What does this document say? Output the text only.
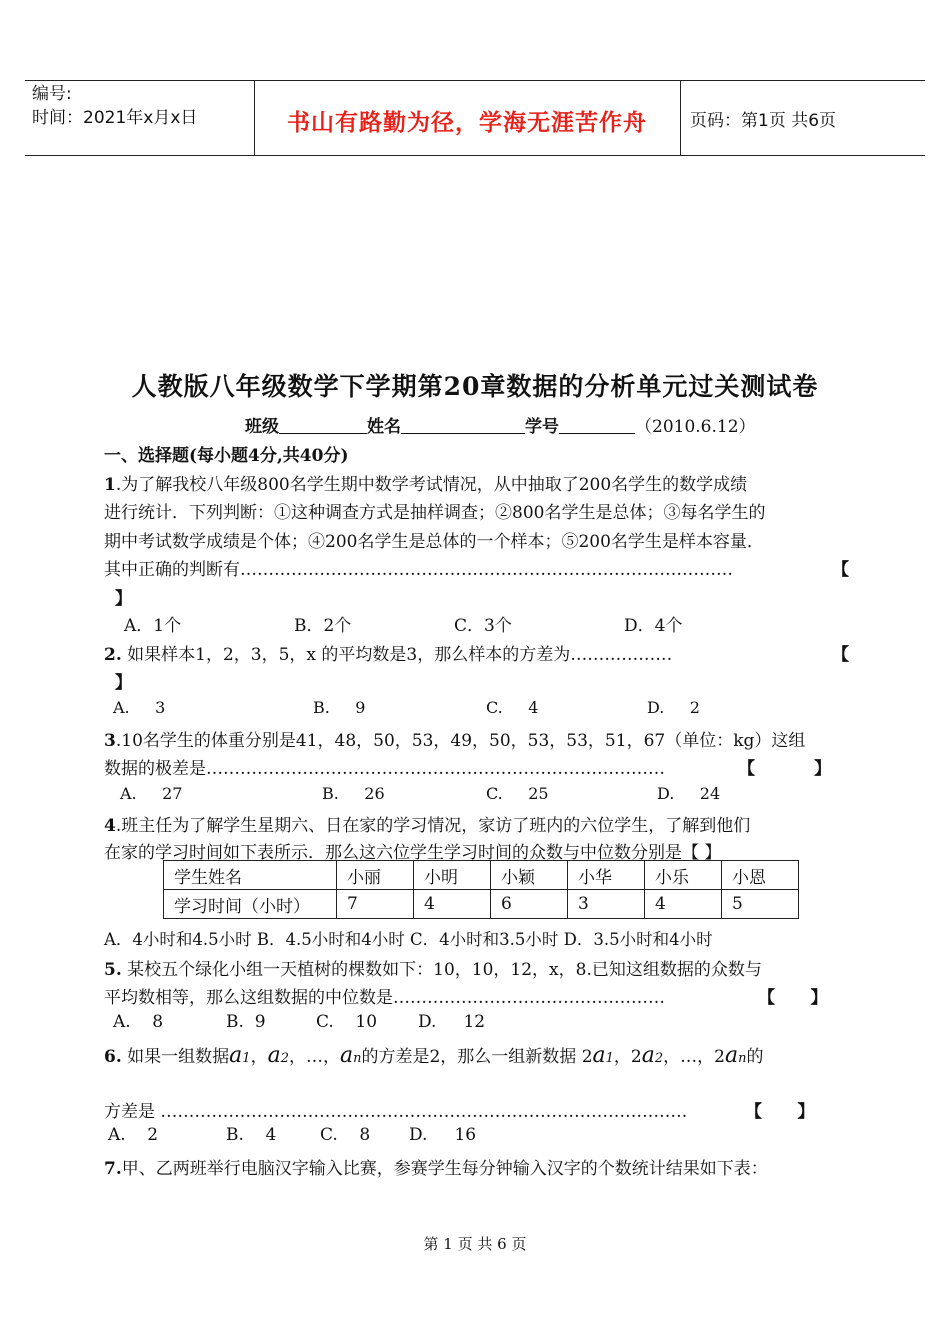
编号:
时间：2021年x月x日	书山有路勤为径，学海无涯苦作舟	页码：第1页 共6页
人教版八年级数学下学期第20章数据的分析单元过关测试卷
班级	姓名	学号	（2010.6.12）
一、选择题(每小题4分,共40分)
1.为了解我校八年级800名学生期中数学考试情况，从中抽取了200名学生的数学成绩
进行统计．下列判断：①这种调查方式是抽样调查；②800名学生是总体；③每名学生的
期中考试数学成绩是个体；④200名学生是总体的一个样本；⑤200名学生是样本容量．
其中正确的判断有……………………………………………………………………………	【
】
A．1个	B．2个	C．3个	D．4个
2. 如果样本1，2，3，5，x 的平均数是3，那么样本的方差为………………	【
】
A.     3	B.     9	C.     4	D.     2
3.10名学生的体重分别是41，48，50，53，49，50，53，53，51，67（单位：kg）这组
数据的极差是………………………………………………………………………	【          】
A.     27	B.     26	C.     25	D.     24
4.班主任为了解学生星期六、日在家的学习情况，家访了班内的六位学生，了解到他们
在家的学习时间如下表所示．那么这六位学生学习时间的众数与中位数分别是【 】
学生姓名	小丽	小明	小颖	小华	小乐	小恩
学习时间（小时）	7	4	6	3	4	5
A．4小时和4.5小时 B．4.5小时和4小时 C．4小时和3.5小时 D．3.5小时和4小时
5. 某校五个绿化小组一天植树的棵数如下：10，10，12，x，8.已知这组数据的众数与
平均数相等，那么这组数据的中位数是…………………………………………	【      】
A.    8	B.  9	C.    10 D.     12
6. 如果一组数据a1，a2，…，an的方差是2，那么一组新数据 2a1，2a2，…，2an的
方差是 …………………………………………………………………………………	【      】
A.    2	B.    4	C.    8 D.     16
7.甲、乙两班举行电脑汉字输入比赛，参赛学生每分钟输入汉字的个数统计结果如下表：
第 1 页 共 6 页
